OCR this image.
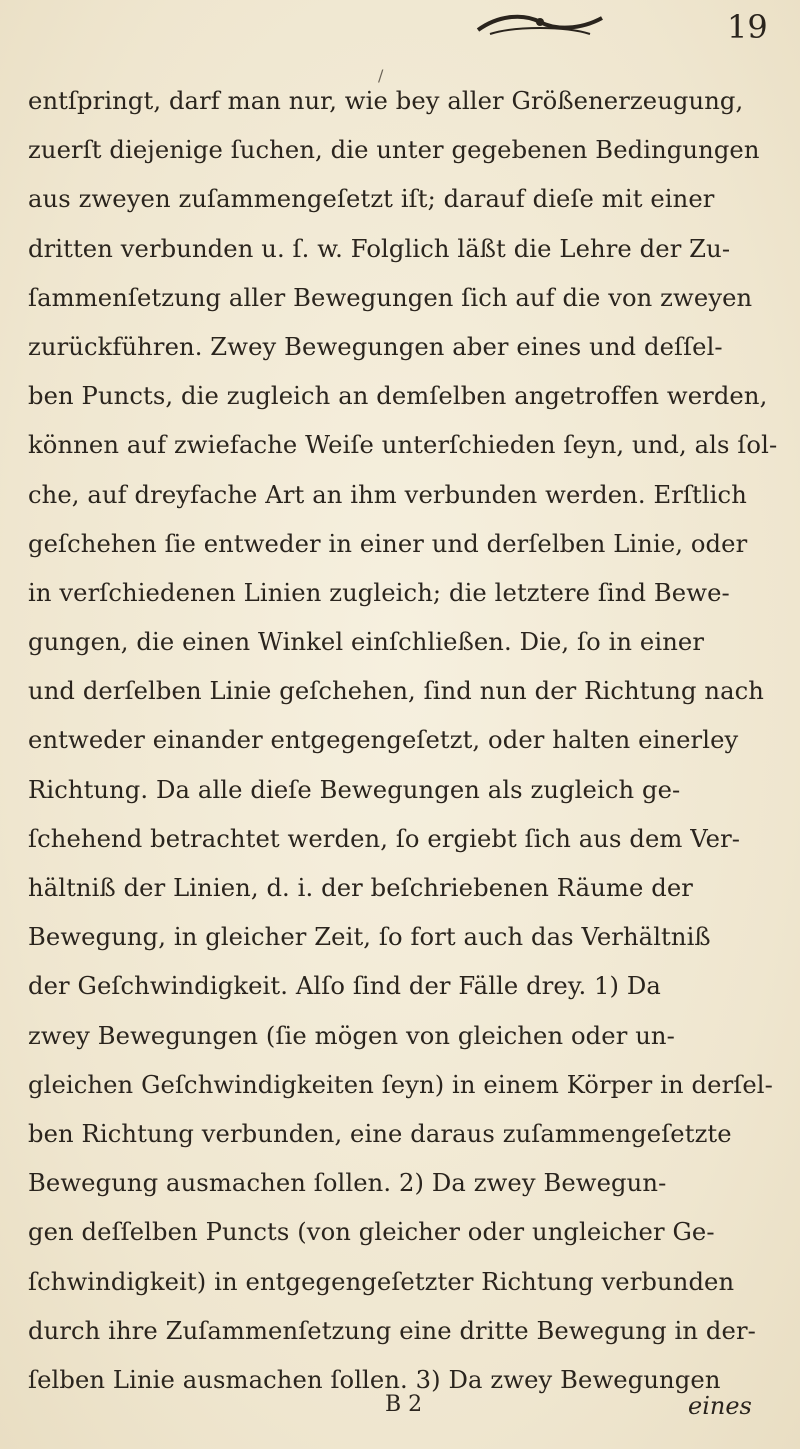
19
/
entſpringt, darf man nur, wie bey aller Größenerzeugung,
zuerſt diejenige ſuchen, die unter gegebenen Bedingungen
aus zweyen zuſammengeſetzt iſt; darauf dieſe mit einer
dritten verbunden u. ſ. w. Folglich läßt die Lehre der Zu-
ſammenſetzung aller Bewegungen ſich auf die von zweyen
zurückführen. Zwey Bewegungen aber eines und deſſel-
ben Puncts, die zugleich an demſelben angetroffen werden,
können auf zwiefache Weiſe unterſchieden ſeyn, und, als ſol-
che, auf dreyfache Art an ihm verbunden werden. Erſtlich
geſchehen ſie entweder in einer und derſelben Linie, oder
in verſchiedenen Linien zugleich; die letztere ſind Bewe-
gungen, die einen Winkel einſchließen. Die, ſo in einer
und derſelben Linie geſchehen, ſind nun der Richtung nach
entweder einander entgegengeſetzt, oder halten einerley
Richtung. Da alle dieſe Bewegungen als zugleich ge-
ſchehend betrachtet werden, ſo ergiebt ſich aus dem Ver-
hältniß der Linien, d. i. der beſchriebenen Räume der
Bewegung, in gleicher Zeit, ſo fort auch das Verhältniß
der Geſchwindigkeit. Alſo ſind der Fälle drey. 1) Da
zwey Bewegungen (ſie mögen von gleichen oder un-
gleichen Geſchwindigkeiten ſeyn) in einem Körper in derſel-
ben Richtung verbunden, eine daraus zuſammengeſetzte
Bewegung ausmachen ſollen. 2) Da zwey Bewegun-
gen deſſelben Puncts (von gleicher oder ungleicher Ge-
ſchwindigkeit) in entgegengeſetzter Richtung verbunden
durch ihre Zuſammenſetzung eine dritte Bewegung in der-
ſelben Linie ausmachen ſollen. 3) Da zwey Bewegungen
B 2	eines
